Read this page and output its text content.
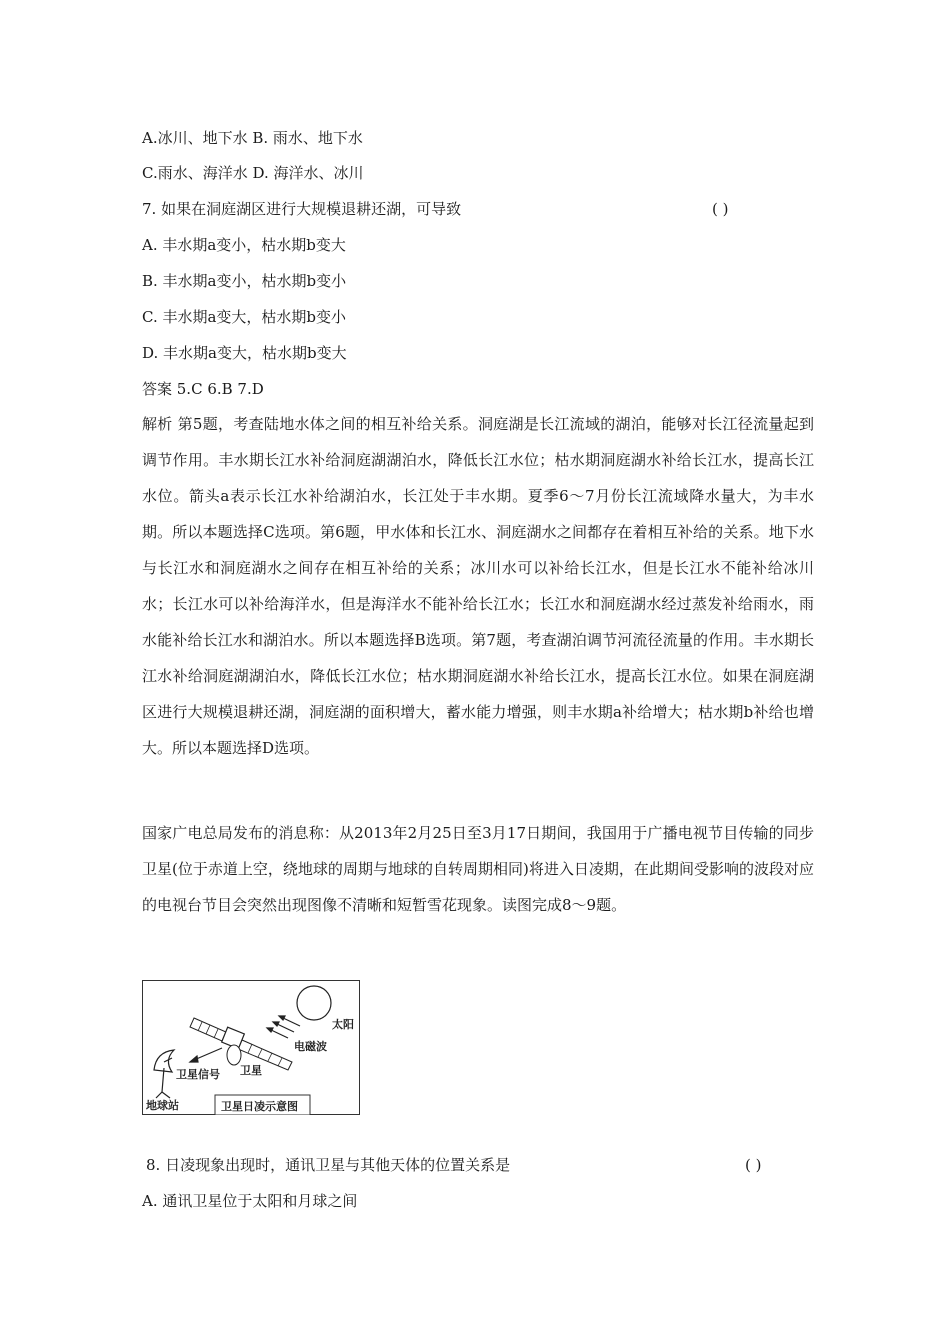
A.冰川、地下水 B. 雨水、地下水
C.雨水、海洋水 D. 海洋水、冰川
7. 如果在洞庭湖区进行大规模退耕还湖，可导致	( )
A. 丰水期a变小，枯水期b变大
B. 丰水期a变小，枯水期b变小
C. 丰水期a变大，枯水期b变小
D. 丰水期a变大，枯水期b变大
答案 5.C 6.B 7.D
解析 第5题，考查陆地水体之间的相互补给关系。洞庭湖是长江流域的湖泊，能够对长江径流量起到调节作用。丰水期长江水补给洞庭湖湖泊水，降低长江水位；枯水期洞庭湖水补给长江水，提高长江水位。箭头a表示长江水补给湖泊水，长江处于丰水期。夏季6～7月份长江流域降水量大，为丰水期。所以本题选择C选项。第6题，甲水体和长江水、洞庭湖水之间都存在着相互补给的关系。地下水与长江水和洞庭湖水之间存在相互补给的关系；冰川水可以补给长江水，但是长江水不能补给冰川水；长江水可以补给海洋水，但是海洋水不能补给长江水；长江水和洞庭湖水经过蒸发补给雨水，雨水能补给长江水和湖泊水。所以本题选择B选项。第7题，考查湖泊调节河流径流量的作用。丰水期长江水补给洞庭湖湖泊水，降低长江水位；枯水期洞庭湖水补给长江水，提高长江水位。如果在洞庭湖区进行大规模退耕还湖，洞庭湖的面积增大，蓄水能力增强，则丰水期a补给增大；枯水期b补给也增大。所以本题选择D选项。
国家广电总局发布的消息称：从2013年2月25日至3月17日期间，我国用于广播电视节目传输的同步卫星(位于赤道上空，绕地球的周期与地球的自转周期相同)将进入日凌期，在此期间受影响的波段对应的电视台节目会突然出现图像不清晰和短暂雪花现象。读图完成8～9题。
太阳
电磁波
卫星
卫星信号
地球站	卫星日凌示意图
8. 日凌现象出现时，通讯卫星与其他天体的位置关系是	( )
A. 通讯卫星位于太阳和月球之间
